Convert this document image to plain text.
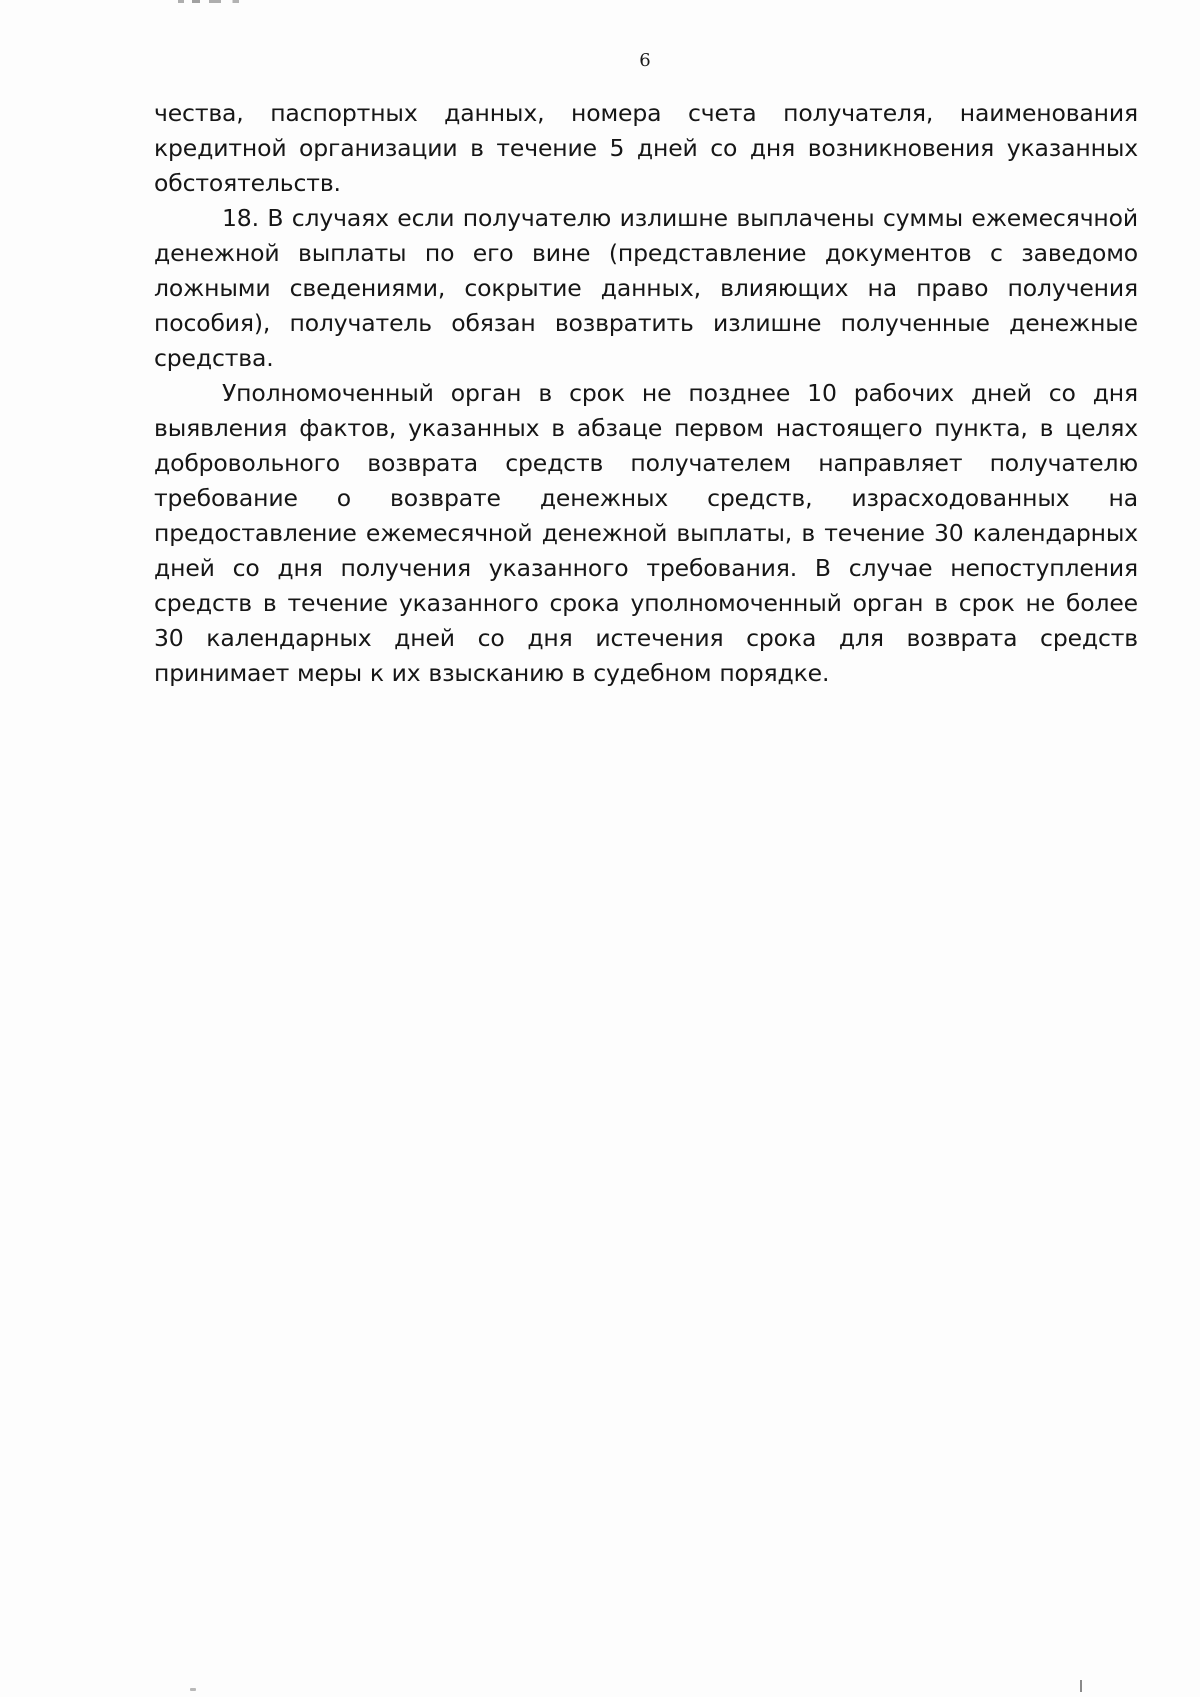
6

чества, паспортных данных, номера счета получателя, наименования кредитной организации в течение 5 дней со дня возникновения указанных обстоятельств.

18. В случаях если получателю излишне выплачены суммы ежемесячной денежной выплаты по его вине (представление документов с заведомо ложными сведениями, сокрытие данных, влияющих на право получения пособия), получатель обязан возвратить излишне полученные денежные средства.

Уполномоченный орган в срок не позднее 10 рабочих дней со дня выявления фактов, указанных в абзаце первом настоящего пункта, в целях добровольного возврата средств получателем направляет получателю требование о возврате денежных средств, израсходованных на предоставление ежемесячной денежной выплаты, в течение 30 календарных дней со дня получения указанного требования. В случае непоступления средств в течение указанного срока уполномоченный орган в срок не более 30 календарных дней со дня истечения срока для возврата средств принимает меры к их взысканию в судебном порядке.
